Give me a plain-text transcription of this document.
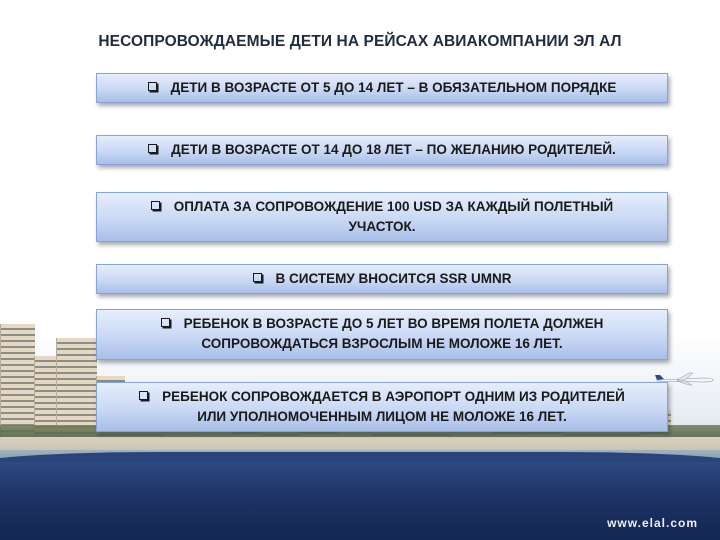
www.elal.com
НЕСОПРОВОЖДАЕМЫЕ ДЕТИ НА РЕЙСАХ АВИАКОМПАНИИ ЭЛ АЛ
ДЕТИ В ВОЗРАСТЕ ОТ 5 ДО 14 ЛЕТ – В ОБЯЗАТЕЛЬНОМ ПОРЯДКЕ
ДЕТИ В ВОЗРАСТЕ ОТ 14 ДО 18 ЛЕТ – ПО ЖЕЛАНИЮ РОДИТЕЛЕЙ.
ОПЛАТА ЗА СОПРОВОЖДЕНИЕ 100 USD ЗА КАЖДЫЙ ПОЛЕТНЫЙ
УЧАСТОК.
В СИСТЕМУ ВНОСИТСЯ SSR UMNR
РЕБЕНОК В ВОЗРАСТЕ ДО 5 ЛЕТ ВО ВРЕМЯ ПОЛЕТА ДОЛЖЕН
СОПРОВОЖДАТЬСЯ ВЗРОСЛЫМ НЕ МОЛОЖЕ 16 ЛЕТ.
РЕБЕНОК СОПРОВОЖДАЕТСЯ В АЭРОПОРТ ОДНИМ ИЗ РОДИТЕЛЕЙ
ИЛИ УПОЛНОМОЧЕННЫМ ЛИЦОМ НЕ МОЛОЖЕ 16 ЛЕТ.
